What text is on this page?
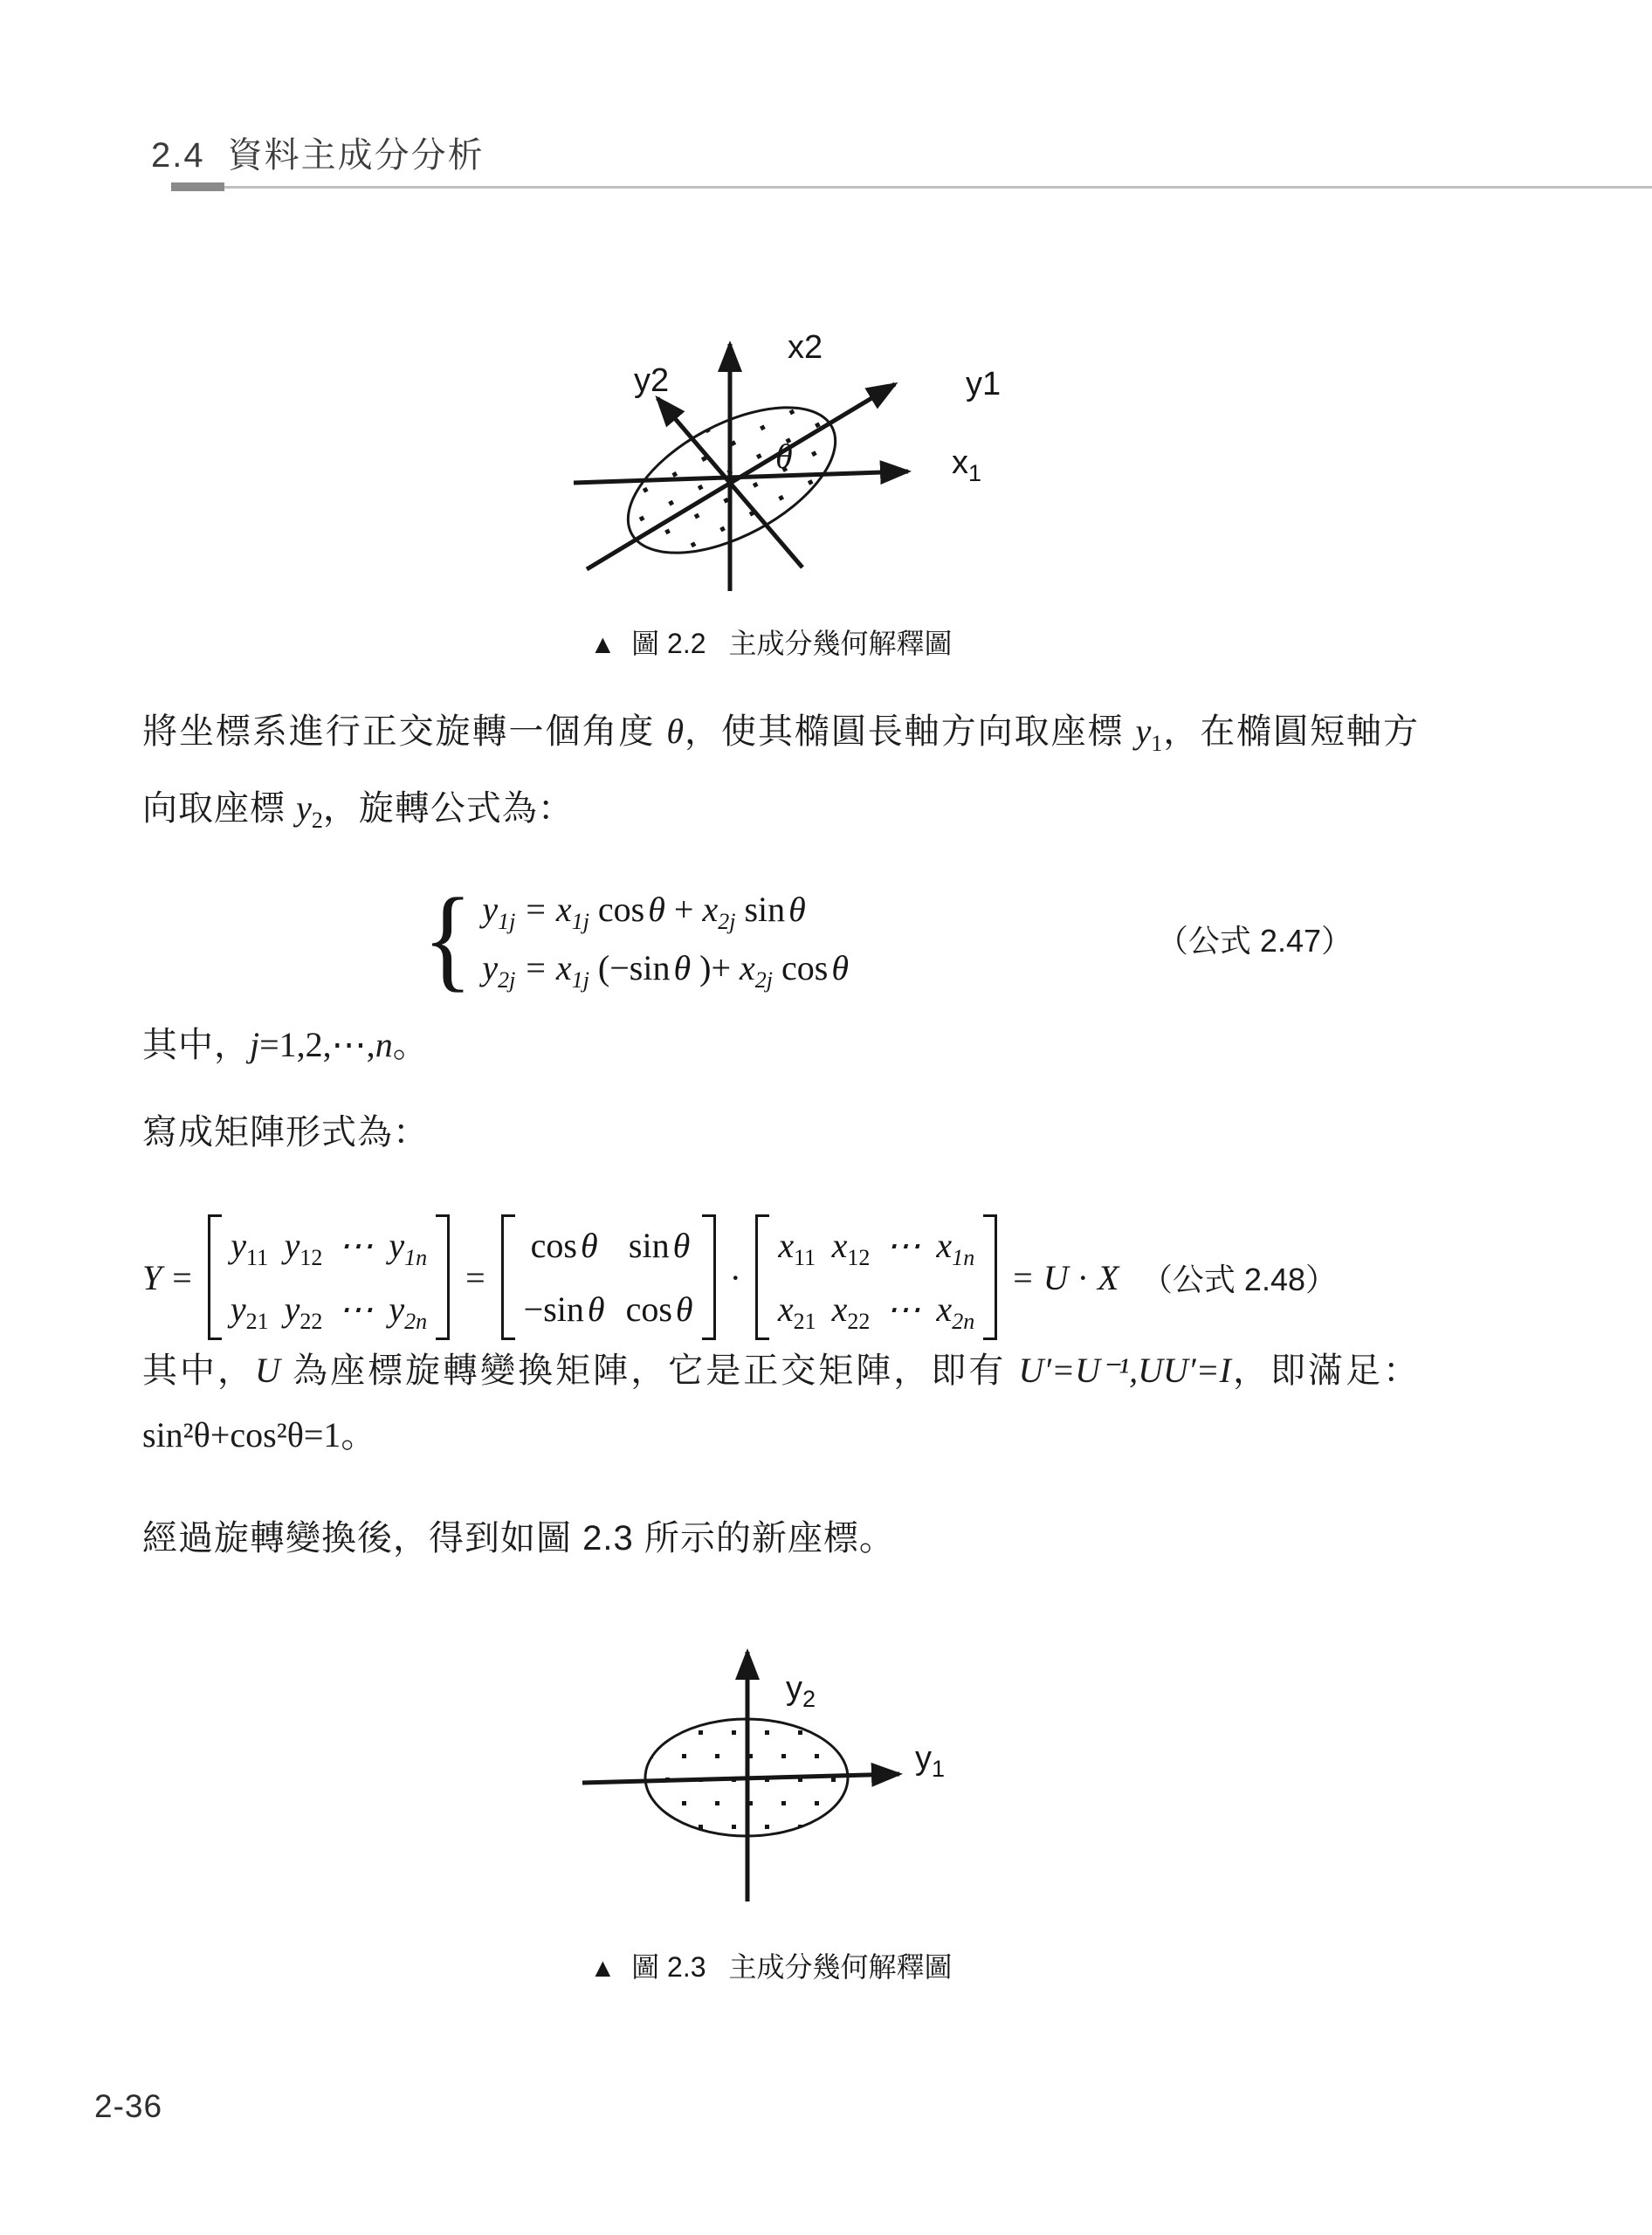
2.4 資料主成分分析
x2
y2	y1
$x_1$
θ
▲ 圖 2.2 主成分幾何解釋圖

將坐標系進行正交旋轉一個角度 θ，使其橢圓長軸方向取座標 $y_1$，在橢圓短軸方向取座標 $y_2$，旋轉公式為：

{ $y_{1j} = x_{1j}$ $\cos \theta + x_{2j}$ sin θ
$y_{2j} = x_{1j}$ (−sin θ )+ $x_{2j}$ cos θ
（公式 2.47）

其中，j=1,2,⋯,n。

寫成矩陣形式為：

Y =
$y_{11}$ $y_{12}$ ⋯ $y_{1n}$
$y_{21}$ $y_{22}$ ⋯ $y_{2n}$
=
cos θ sin θ
−sin θ cos θ
·
$x_{11}$ $x_{12}$ ⋯ $x_{1n}$
$x_{21}$ $x_{22}$ ⋯ $x_{2n}$
= U · X （公式 2.48）

其中，U 為座標旋轉變換矩陣，它是正交矩陣，即有 U′=U⁻¹,UU′=I，即滿足：sin²θ+cos²θ=1。

經過旋轉變換後，得到如圖 2.3 所示的新座標。

$y_2$
$y_1$
▲ 圖 2.3 主成分幾何解釋圖
2-36
